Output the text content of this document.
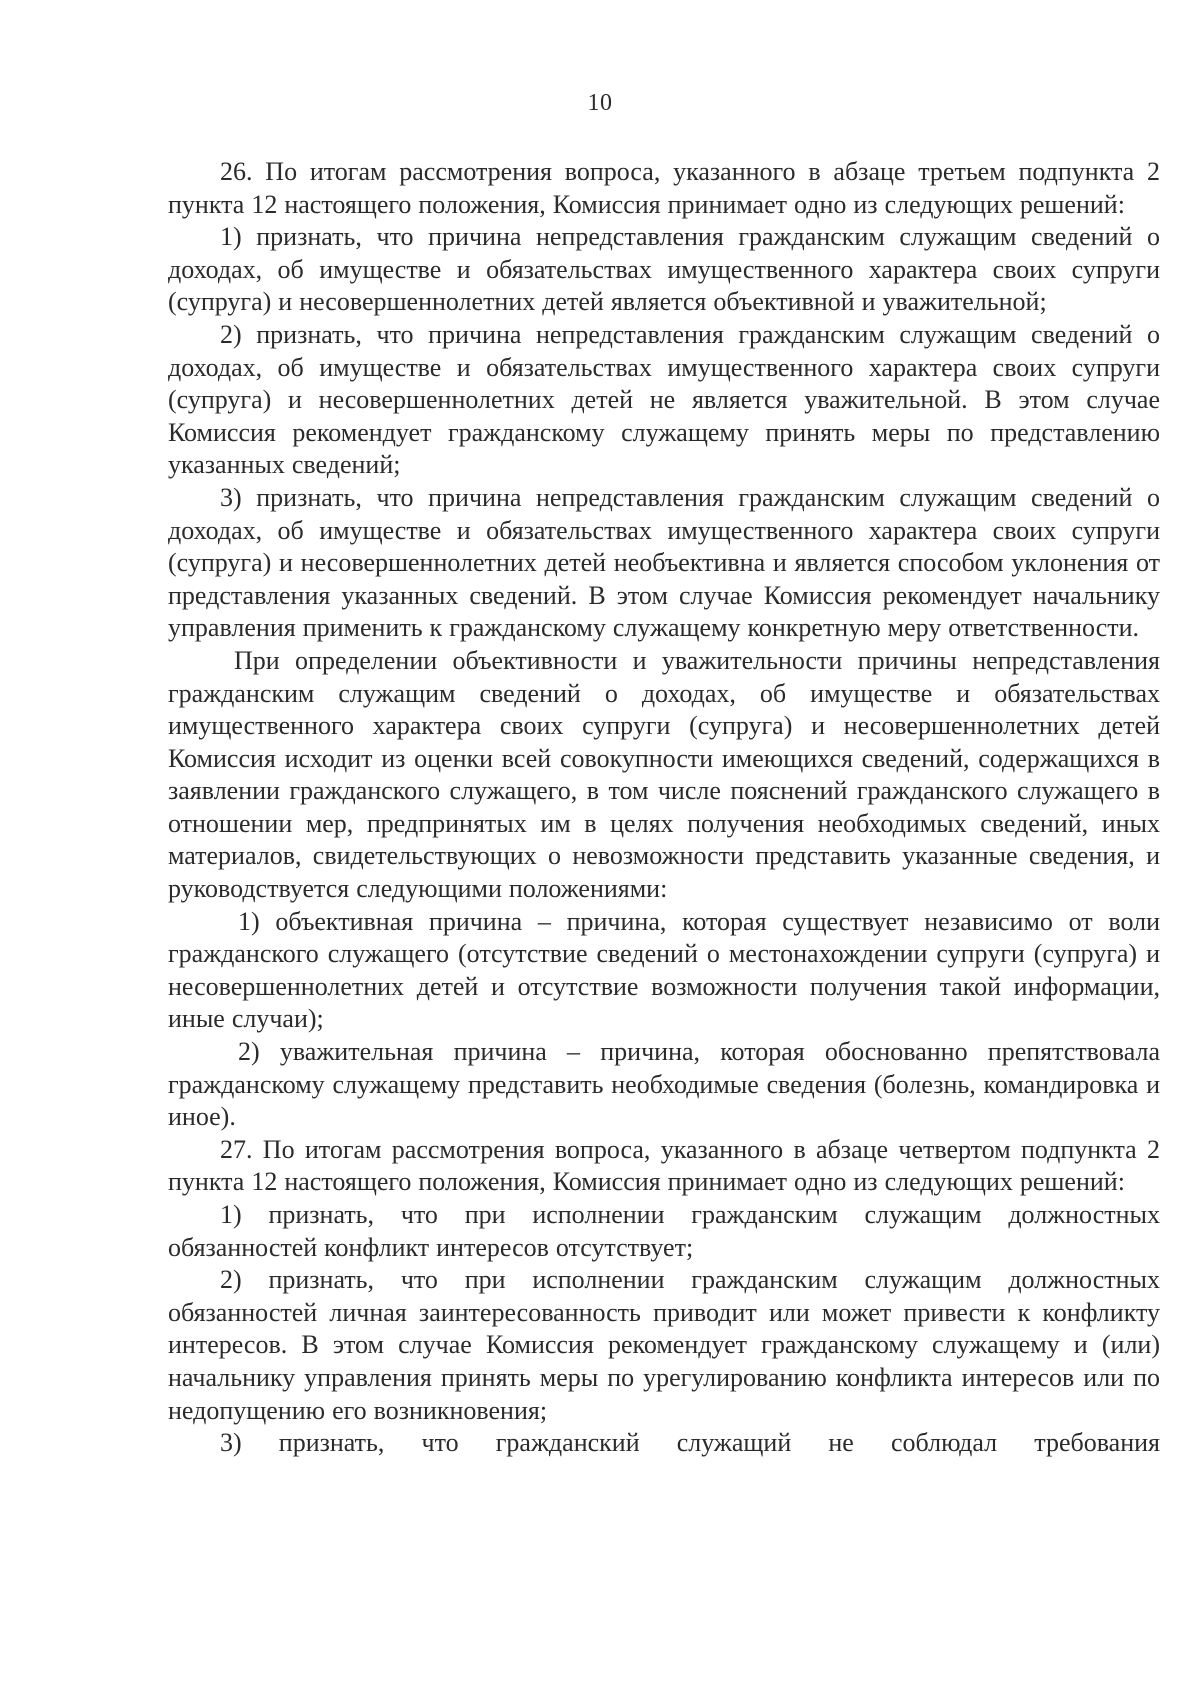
10

26. По итогам рассмотрения вопроса, указанного в абзаце третьем подпункта 2 пункта 12 настоящего положения, Комиссия принимает одно из следующих решений:

1) признать, что причина непредставления гражданским служащим сведений о доходах, об имуществе и обязательствах имущественного характера своих супруги (супруга) и несовершеннолетних детей является объективной и уважительной;

2) признать, что причина непредставления гражданским служащим сведений о доходах, об имуществе и обязательствах имущественного характера своих супруги (супруга) и несовершеннолетних детей не является уважительной. В этом случае Комиссия рекомендует гражданскому служащему принять меры по представлению указанных сведений;

3) признать, что причина непредставления гражданским служащим сведений о доходах, об имуществе и обязательствах имущественного характера своих супруги (супруга) и несовершеннолетних детей необъективна и является способом уклонения от представления указанных сведений. В этом случае Комиссия рекомендует начальнику управления применить к гражданскому служащему конкретную меру ответственности.

При определении объективности и уважительности причины непредставления гражданским служащим сведений о доходах, об имуществе и обязательствах имущественного характера своих супруги (супруга) и несовершеннолетних детей Комиссия исходит из оценки всей совокупности имеющихся сведений, содержащихся в заявлении гражданского служащего, в том числе пояснений гражданского служащего в отношении мер, предпринятых им в целях получения необходимых сведений, иных материалов, свидетельствующих о невозможности представить указанные сведения, и руководствуется следующими положениями:

1) объективная причина – причина, которая существует независимо от воли гражданского служащего (отсутствие сведений о местонахождении супруги (супруга) и несовершеннолетних детей и отсутствие возможности получения такой информации, иные случаи);

2) уважительная причина – причина, которая обоснованно препятствовала гражданскому служащему представить необходимые сведения (болезнь, командировка и иное).

27. По итогам рассмотрения вопроса, указанного в абзаце четвертом подпункта 2 пункта 12 настоящего положения, Комиссия принимает одно из следующих решений:

1) признать, что при исполнении гражданским служащим должностных обязанностей конфликт интересов отсутствует;

2) признать, что при исполнении гражданским служащим должностных обязанностей личная заинтересованность приводит или может привести к конфликту интересов. В этом случае Комиссия рекомендует гражданскому служащему и (или) начальнику управления принять меры по урегулированию конфликта интересов или по недопущению его возникновения;

3) признать, что гражданский служащий не соблюдал требования
